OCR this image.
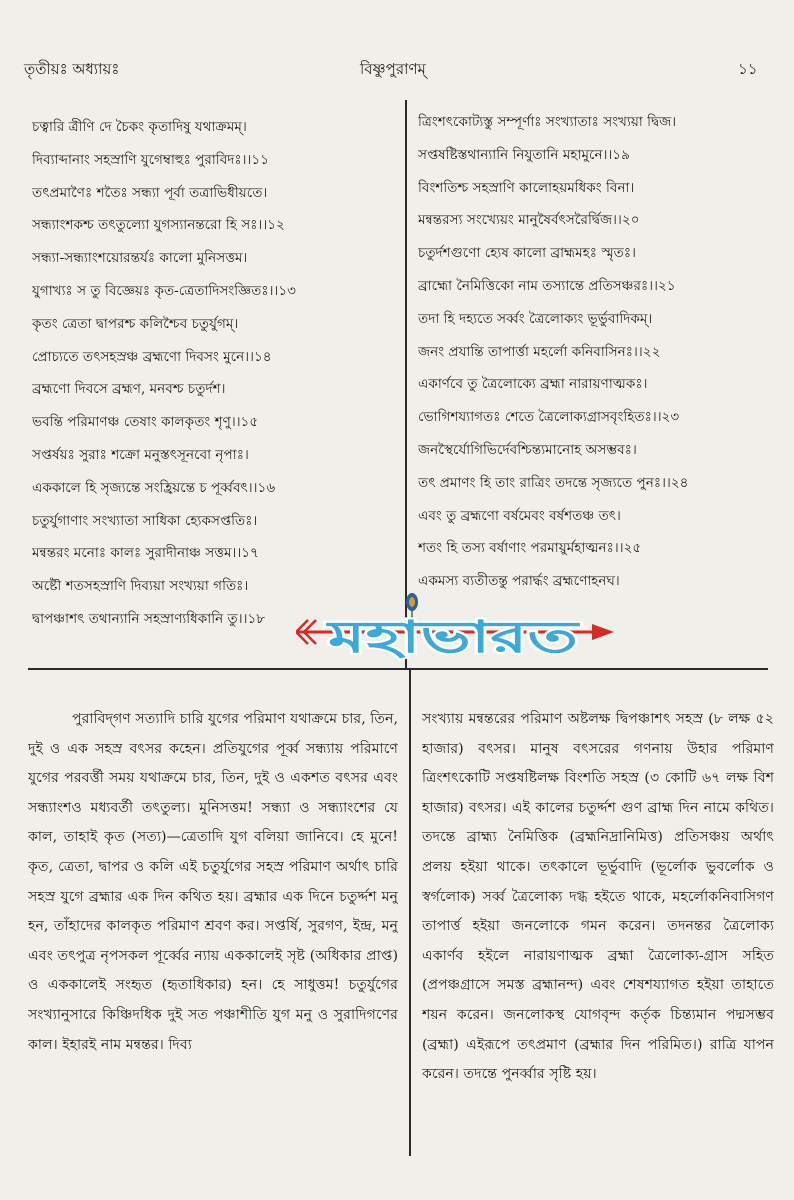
তৃতীয়ঃ অধ্যায়ঃ	বিষ্ণুপুরাণম্‌	১১
চত্বারি ত্রীণি দে চৈকং কৃতাদিষু যথাক্রমম্‌।
দিব্যাব্দানাং সহস্রাণি যুগেম্বাহুঃ পুরাবিদঃ।।১১
তৎপ্রমাণৈঃ শতৈঃ সন্ধ্যা পূর্বা তত্রাভিধীয়তে।
সন্ধ্যাংশকশ্চ তৎতুল্যো যুগস্যানন্তরো হি সঃ।।১২
সন্ধ্যা-সন্ধ্যাংশয়োরন্তর্যঃ কালো মুনিসত্তম।
যুগাখ্যঃ স তু বিজ্ঞেয়ঃ কৃত-ত্রেতাদিসংজ্ঞিতঃ।।১৩
কৃতং ত্রেতা দ্বাপরশ্চ কলিশ্চৈব চতুর্যুগম্‌।
প্রোচ্যতে তৎসহস্রঞ্চ ব্রহ্মণো দিবসং মুনে।।১৪
ব্রহ্মণো দিবসে ব্রহ্মণ, মনবশ্চ চতুর্দশ।
ভবন্তি পরিমাণঞ্চ তেষাং কালকৃতং শৃণু।।১৫
সপ্তর্ষয়ঃ সুরাঃ শক্রো মনুস্তৎসূনবো নৃপাঃ।
এককালে হি সৃজ্যন্তে সংহ্রিয়ন্তে চ পূর্ব্ববৎ।।১৬
চতুর্যুগাণাং সংখ্যাতা সাধিকা হ্যেকসপ্ততিঃ।
মন্বন্তরং মনোঃ কালঃ সুরাদীনাঞ্চ সত্তম।।১৭
অষ্টৌ শতসহস্রাণি দিব্যয়া সংখ্যয়া গতিঃ।
দ্বাপঞ্চাশৎ তথান্যানি সহস্রাণ্যধিকানি তু।।১৮
ত্রিংশৎকোট্যস্তু সম্পূর্ণাঃ সংখ্যাতাঃ সংখ্যয়া দ্বিজ।
সপ্তষষ্টিস্তথান্যানি নিযুতানি মহামুনে।।১৯
বিংশতিশ্চ সহস্রাণি কালোহয়মধিকং বিনা।
মন্বন্তরস্য সংখ্যেয়ং মানুষৈর্বৎসরৈর্দ্বিজ।।২০
চতুর্দশগুণো হ্যেষ কালো ব্রাহ্মমহঃ স্মৃতঃ।
ব্রাহ্মো নৈমিত্তিকো নাম তস্যান্তে প্রতিসঞ্চরঃ।।২১
তদা হি দহ্যতে সর্ব্বং ত্রৈলোক্যং ভূর্ভুবাদিকম্‌।
জনং প্রযান্তি তাপার্ত্তা মহর্লো কনিবাসিনঃ।।২২
একার্ণবে তু ত্রৈলোক্যে ব্রহ্মা নারায়ণাত্মকঃ।
ভোগিশয্যাগতঃ শেতে ত্রৈলোক্যগ্রাসবৃংহিতঃ।।২৩
জনস্থৈর্যোগিভির্দেবশ্চিন্ত্যমানোহ অসম্ভবঃ।
তৎ প্রমাণং হি তাং রাত্রিং তদন্তে সৃজ্যতে পুনঃ।।২৪
এবং তু ব্রহ্মণো বর্ষমেবং বর্ষশতঞ্চ তৎ।
শতং হি তস্য বর্ষাণাং পরমায়ুর্মহাত্মনঃ।।২৫
একমস্য ব্যতীতন্তু পরার্দ্ধং ব্রহ্মণোহনঘ।

পুরাবিদ্‌গণ সত্যাদি চারি যুগের পরিমাণ যথাক্রমে চার, তিন, দুই ও এক সহস্র বৎসর কহেন। প্রতিযুগের পূর্ব্ব সন্ধ্যায় পরিমাণে যুগের পরবর্ত্তী সময় যথাক্রমে চার, তিন, দুই ও একশত বৎসর এবং সন্ধ্যাংশও মধ্যবর্তী তৎতুল্য। মুনিসত্তম! সন্ধ্যা ও সন্ধ্যাংশের যে কাল, তাহাই কৃত (সত্য)—ত্রেতাদি যুগ বলিয়া জানিবে। হে মুনে! কৃত, ত্রেতা, দ্বাপর ও কলি এই চতুর্যুগের সহস্র পরিমাণ অর্থাৎ চারি সহস্র যুগে ব্রহ্মার এক দিন কথিত হয়। ব্রহ্মার এক দিনে চতুর্দ্দশ মনু হন, তাঁহাদের কালকৃত পরিমাণ শ্রবণ কর। সপ্তর্ষি, সুরগণ, ইন্দ্র, মনু এবং তৎপুত্র নৃপসকল পূর্ব্বের ন্যায় এককালেই সৃষ্ট (অধিকার প্রাপ্ত) ও এককালেই সংহৃত (হৃতাধিকার) হন। হে সাধুত্তম! চতুর্যুগের সংখ্যানুসারে কিঞ্চিদধিক দুই সত পঞ্চাশীতি যুগ মনু ও সুরাদিগণের কাল। ইহারই নাম মন্বন্তর। দিব্য

সংখ্যায় মন্বন্তরের পরিমাণ অষ্টলক্ষ দ্বিপঞ্চাশৎ সহস্র (৮ লক্ষ ৫২ হাজার) বৎসর। মানুষ বৎসরের গণনায় উহার পরিমাণ ত্রিংশৎকোটি সপ্তষষ্টিলক্ষ বিংশতি সহস্র (৩ কোটি ৬৭ লক্ষ বিশ হাজার) বৎসর। এই কালের চতুর্দ্দশ গুণ ব্রাহ্ম দিন নামে কথিত। তদন্তে ব্রাহ্ম্য নৈমিত্তিক (ব্রহ্মনিদ্রানিমিত্ত) প্রতিসঞ্চয় অর্থাৎ প্রলয় হইয়া থাকে। তৎকালে ভূর্ভুবাদি (ভূর্লোক ভুবর্লোক ও স্বর্গলোক) সর্ব্ব ত্রৈলোক্য দগ্ধ হইতে থাকে, মহর্লোকনিবাসিগণ তাপার্ত্ত হইয়া জনলোকে গমন করেন। তদনন্তর ত্রৈলোক্য একার্ণব হইলে নারায়ণাত্মক ব্রহ্মা ত্রৈলোক্য-গ্রাস সহিত (প্রপঞ্চগ্রাসে সমস্ত ব্রহ্মানন্দ) এবং শেষশয্যাগত হইয়া তাহাতে শয়ন করেন। জনলোকস্থ যোগবৃন্দ কর্তৃক চিন্ত্যমান পদ্মসম্ভব (ব্রহ্মা) এইরূপে তৎপ্রমাণ (ব্রহ্মার দিন পরিমিত।) রাত্রি যাপন করেন। তদন্তে পুনর্ব্বার সৃষ্টি হয়।

মহাভারত
